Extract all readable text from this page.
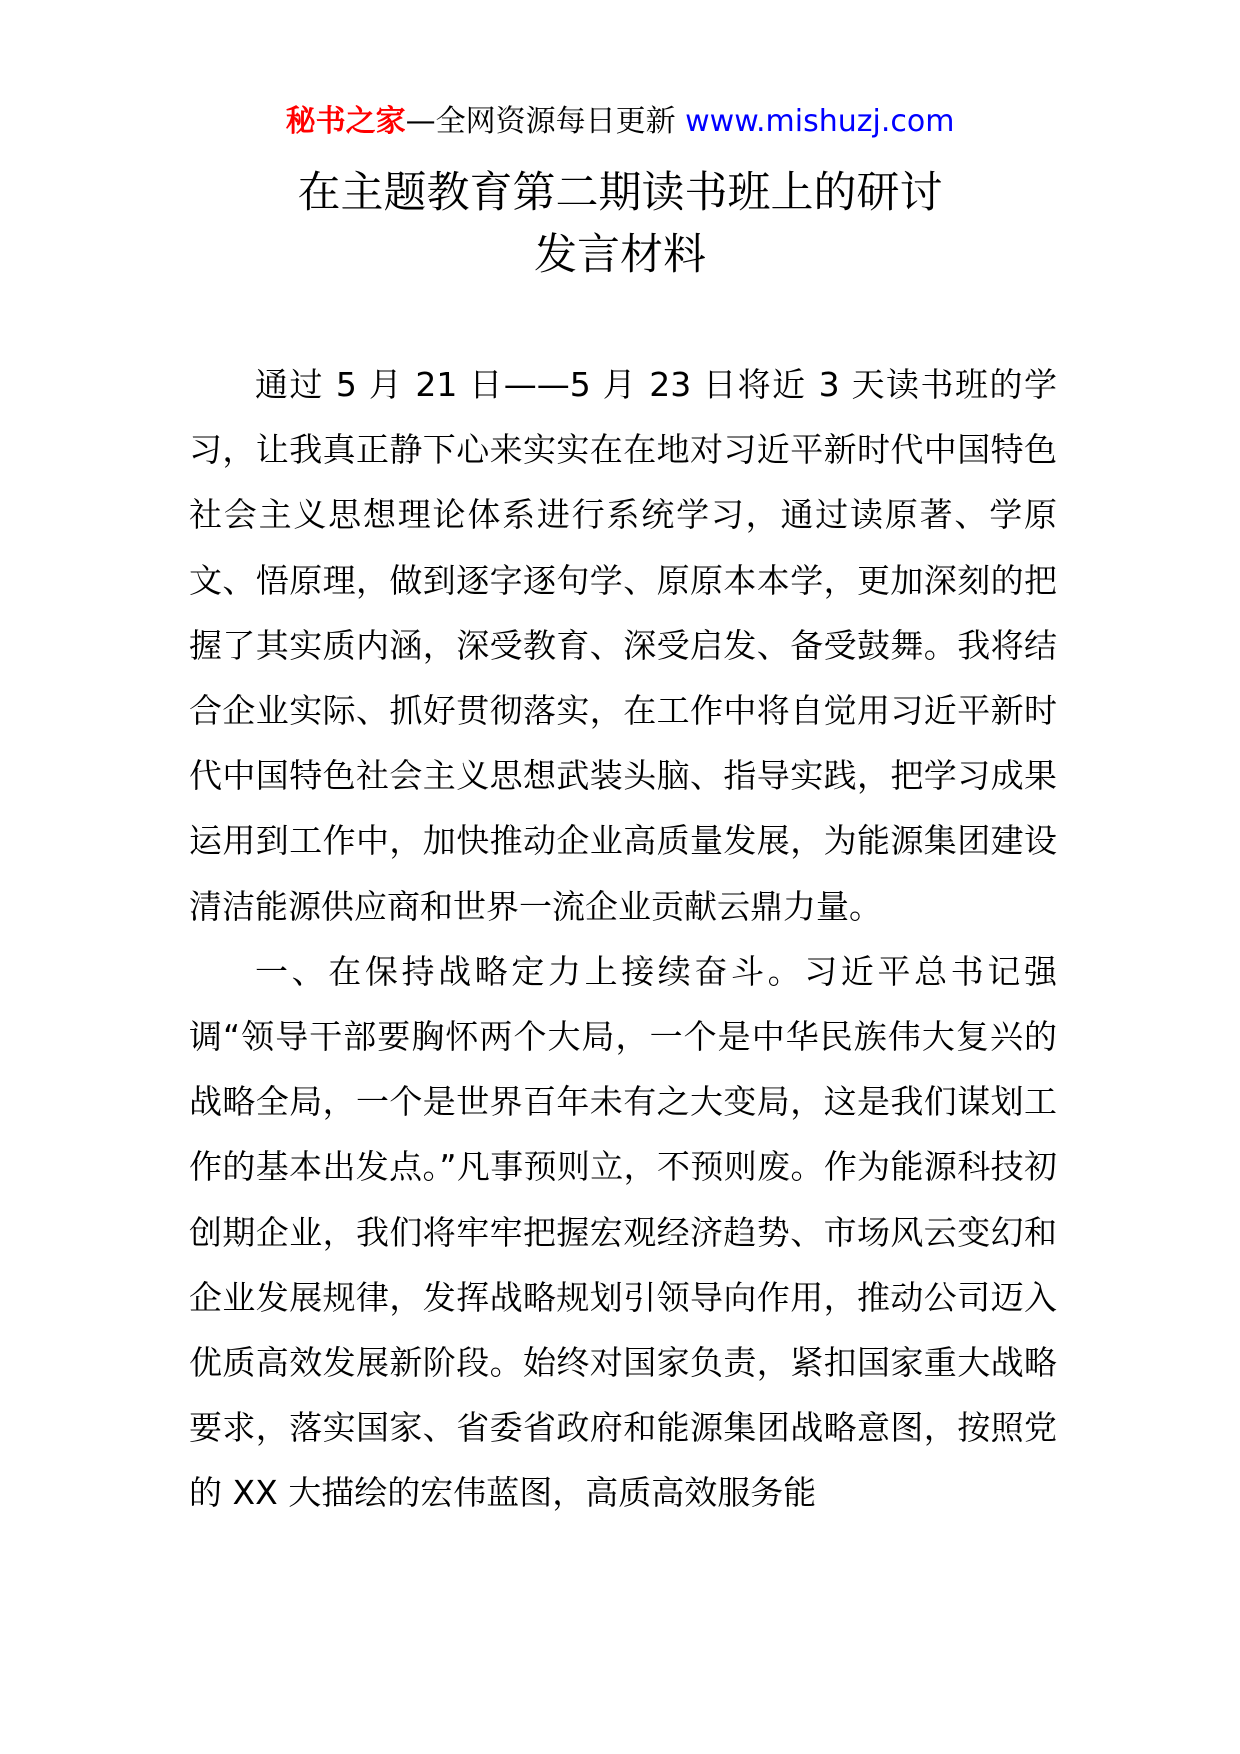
秘书之家—全网资源每日更新 www.mishuzj.com
在主题教育第二期读书班上的研讨
发言材料

通过 5 月 21 日——5 月 23 日将近 3 天读书班的学习，让我真正静下心来实实在在地对习近平新时代中国特色社会主义思想理论体系进行系统学习，通过读原著、学原文、悟原理，做到逐字逐句学、原原本本学，更加深刻的把握了其实质内涵，深受教育、深受启发、备受鼓舞。我将结合企业实际、抓好贯彻落实，在工作中将自觉用习近平新时代中国特色社会主义思想武装头脑、指导实践，把学习成果运用到工作中，加快推动企业高质量发展，为能源集团建设清洁能源供应商和世界一流企业贡献云鼎力量。

一、在保持战略定力上接续奋斗。习近平总书记强调“领导干部要胸怀两个大局，一个是中华民族伟大复兴的战略全局，一个是世界百年未有之大变局，这是我们谋划工作的基本出发点。”凡事预则立，不预则废。作为能源科技初创期企业，我们将牢牢把握宏观经济趋势、市场风云变幻和企业发展规律，发挥战略规划引领导向作用，推动公司迈入优质高效发展新阶段。始终对国家负责，紧扣国家重大战略要求，落实国家、省委省政府和能源集团战略意图，按照党的 XX 大描绘的宏伟蓝图，高质高效服务能
